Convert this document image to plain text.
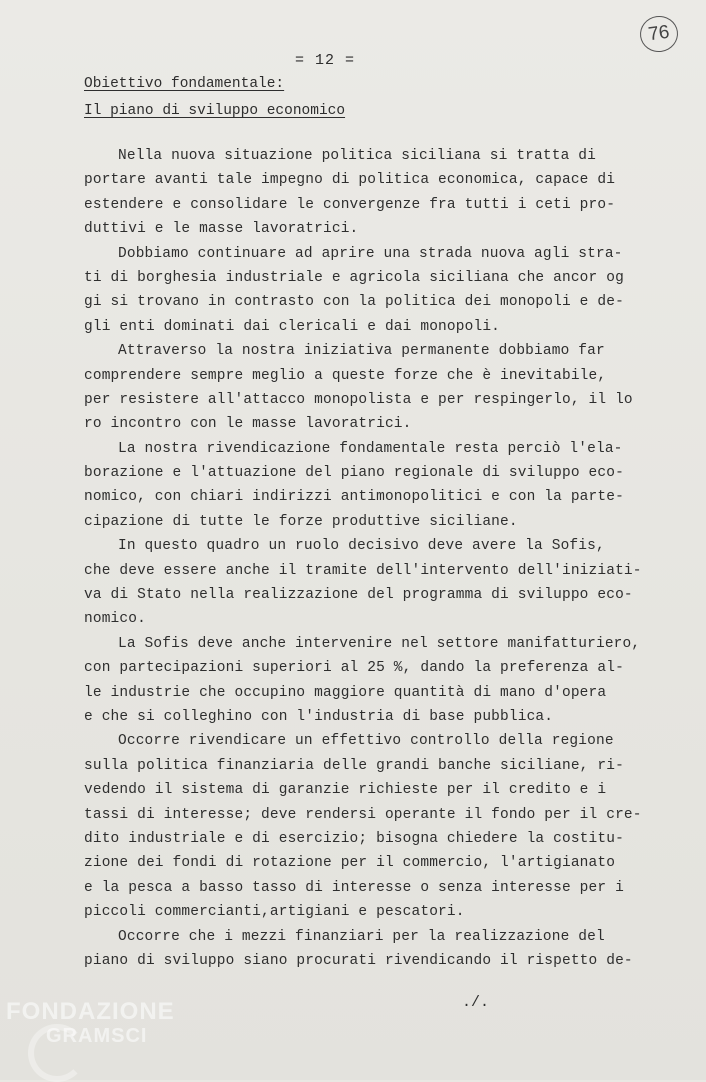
76
= 12 =
Obiettivo fondamentale:
Il piano di sviluppo economico
Nella nuova situazione politica siciliana si tratta di
portare avanti tale impegno di politica economica, capace di
estendere e consolidare le convergenze fra tutti i ceti pro-
duttivi e le masse lavoratrici.
Dobbiamo continuare ad aprire una strada nuova agli stra-
ti di borghesia industriale e agricola siciliana che ancor og
gi si trovano in contrasto con la politica dei monopoli e de-
gli enti dominati dai clericali e dai monopoli.
Attraverso la nostra iniziativa permanente dobbiamo far
comprendere sempre meglio a queste forze che è inevitabile,
per resistere all'attacco monopolista e per respingerlo, il lo
ro incontro con le masse lavoratrici.
La nostra rivendicazione fondamentale resta perciò l'ela-
borazione e l'attuazione del piano regionale di sviluppo eco-
nomico, con chiari indirizzi antimonopolitici e con la parte-
cipazione di tutte le forze produttive siciliane.
In questo quadro un ruolo decisivo deve avere la Sofis,
che deve essere anche il tramite dell'intervento dell'iniziati-
va di Stato nella realizzazione del programma di sviluppo eco-
nomico.
La Sofis deve anche intervenire nel settore manifatturiero,
con partecipazioni superiori al 25 %, dando la preferenza al-
le industrie che occupino maggiore quantità di mano d'opera
e che si colleghino con l'industria di base pubblica.
Occorre rivendicare un effettivo controllo della regione
sulla politica finanziaria delle grandi banche siciliane, ri-
vedendo il sistema di garanzie richieste per il credito e i
tassi di interesse; deve rendersi operante il fondo per il cre-
dito industriale e di esercizio; bisogna chiedere la costitu-
zione dei fondi di rotazione per il commercio, l'artigianato
e la pesca a basso tasso di interesse o senza interesse per i
piccoli commercianti,artigiani e pescatori.
Occorre che i mezzi finanziari per la realizzazione del
piano di sviluppo siano procurati rivendicando il rispetto de-
./.
FONDAZIONE
GRAMSCI
